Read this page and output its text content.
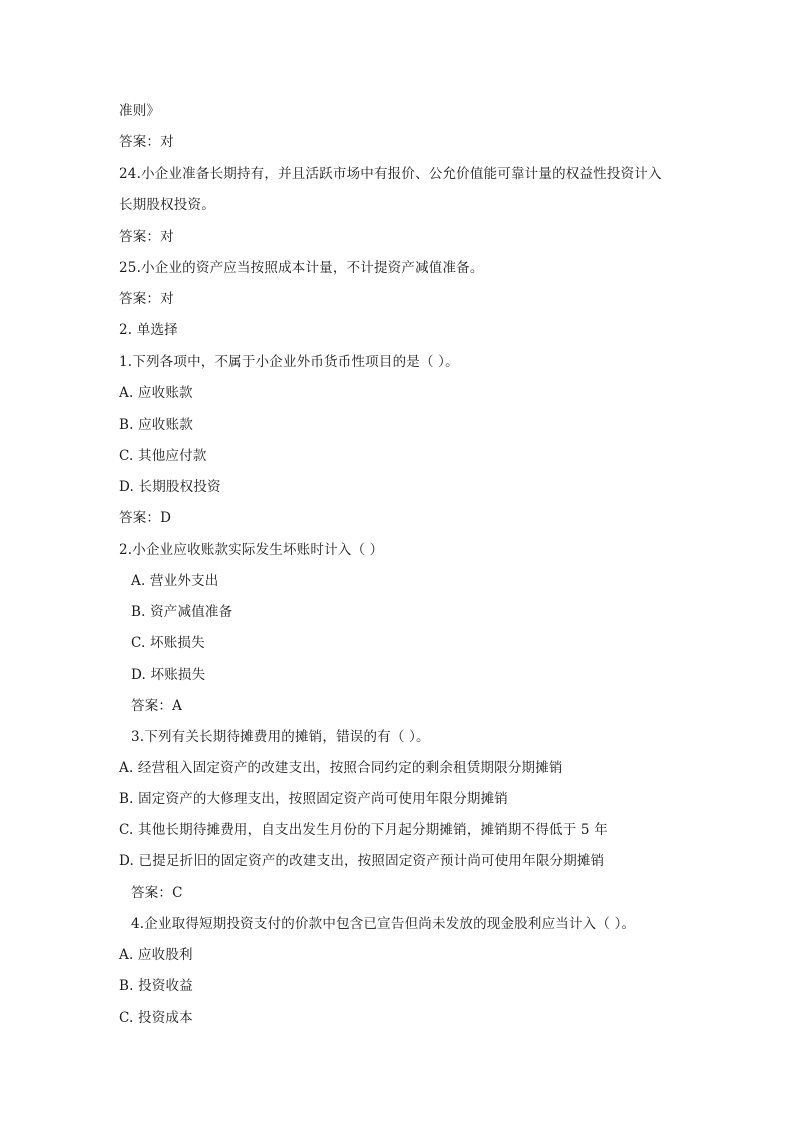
准则》
答案：对
24.小企业准备长期持有，并且活跃市场中有报价、公允价值能可靠计量的权益性投资计入
长期股权投资。
答案：对
25.小企业的资产应当按照成本计量，不计提资产减值准备。
答案：对
2. 单选择
1.下列各项中，不属于小企业外币货币性项目的是（ ）。
A. 应收账款
B. 应收账款
C. 其他应付款
D. 长期股权投资
答案：D
2.小企业应收账款实际发生坏账时计入（ ）
A. 营业外支出
B. 资产减值准备
C. 坏账损失
D. 坏账损失
答案：A
3.下列有关长期待摊费用的摊销，错误的有（ ）。
A. 经营租入固定资产的改建支出，按照合同约定的剩余租赁期限分期摊销
B. 固定资产的大修理支出，按照固定资产尚可使用年限分期摊销
C. 其他长期待摊费用，自支出发生月份的下月起分期摊销，摊销期不得低于 5 年
D. 已提足折旧的固定资产的改建支出，按照固定资产预计尚可使用年限分期摊销
答案：C
4.企业取得短期投资支付的价款中包含已宣告但尚未发放的现金股利应当计入（ ）。
A. 应收股利
B. 投资收益
C. 投资成本
